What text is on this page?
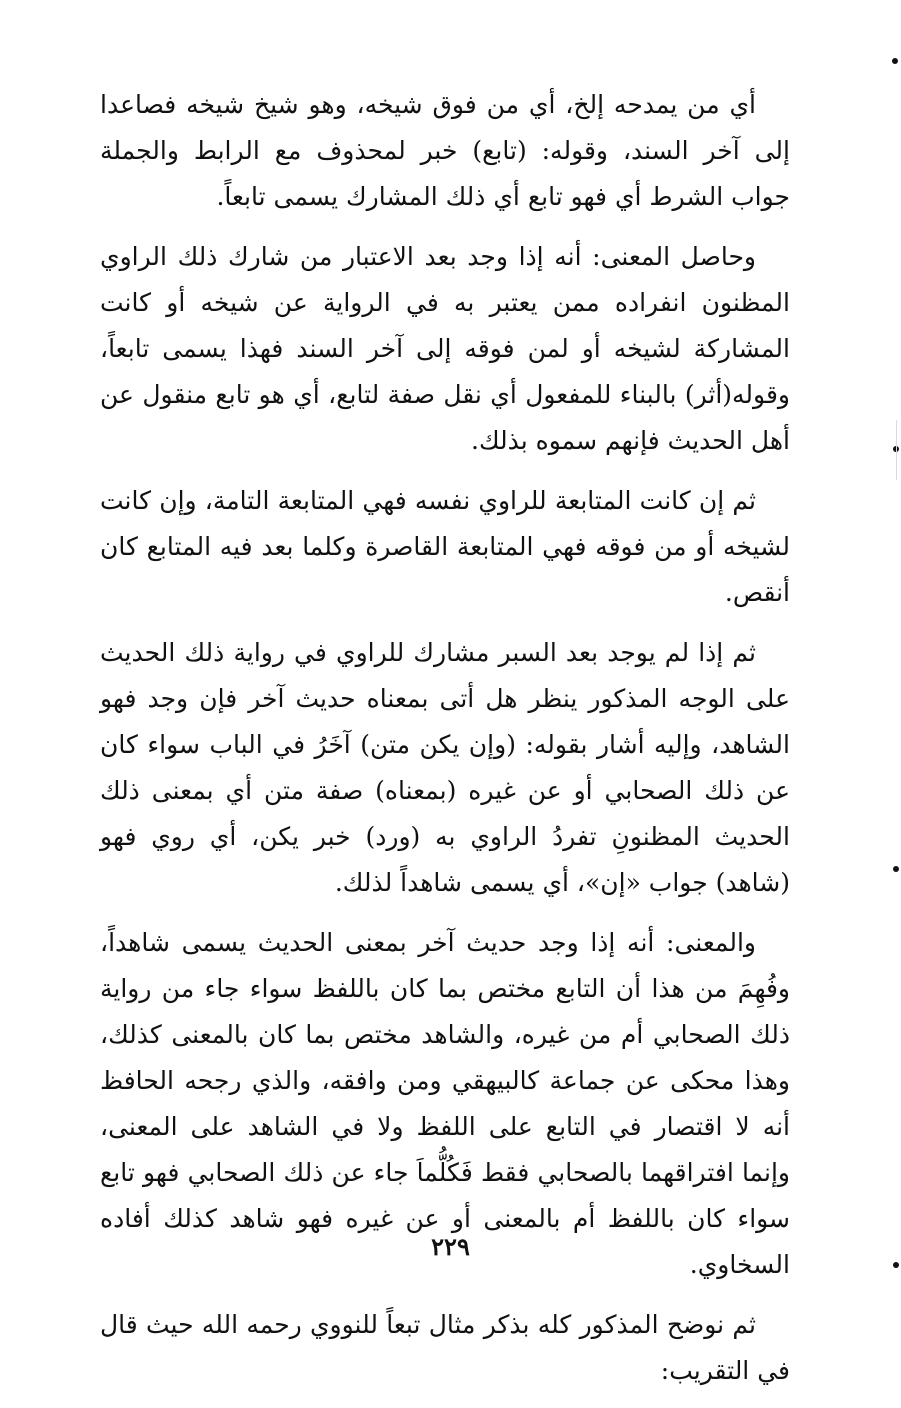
أي من يمدحه إلخ، أي من فوق شيخه، وهو شيخ شيخه فصاعدا إلى آخر السند، وقوله: (تابع) خبر لمحذوف مع الرابط والجملة جواب الشرط أي فهو تابع أي ذلك المشارك يسمى تابعاً.

وحاصل المعنى: أنه إذا وجد بعد الاعتبار من شارك ذلك الراوي المظنون انفراده ممن يعتبر به في الرواية عن شيخه أو كانت المشاركة لشيخه أو لمن فوقه إلى آخر السند فهذا يسمى تابعاً، وقوله(أثر) بالبناء للمفعول أي نقل صفة لتابع، أي هو تابع منقول عن أهل الحديث فإنهم سموه بذلك.

ثم إن كانت المتابعة للراوي نفسه فهي المتابعة التامة، وإن كانت لشيخه أو من فوقه فهي المتابعة القاصرة وكلما بعد فيه المتابع كان أنقص.

ثم إذا لم يوجد بعد السبر مشارك للراوي في رواية ذلك الحديث على الوجه المذكور ينظر هل أتى بمعناه حديث آخر فإن وجد فهو الشاهد، وإليه أشار بقوله: (وإن يكن متن) آخَرُ في الباب سواء كان عن ذلك الصحابي أو عن غيره (بمعناه) صفة متن أي بمعنى ذلك الحديث المظنونِ تفردُ الراوي به (ورد) خبر يكن، أي روي فهو (شاهد) جواب «إن»، أي يسمى شاهداً لذلك.

والمعنى: أنه إذا وجد حديث آخر بمعنى الحديث يسمى شاهداً، وفُهِمَ من هذا أن التابع مختص بما كان باللفظ سواء جاء من رواية ذلك الصحابي أم من غيره، والشاهد مختص بما كان بالمعنى كذلك، وهذا محكى عن جماعة كالبيهقي ومن وافقه، والذي رجحه الحافظ أنه لا اقتصار في التابع على اللفظ ولا في الشاهد على المعنى، وإنما افتراقهما بالصحابي فقط فَكُلُّماَ جاء عن ذلك الصحابي فهو تابع سواء كان باللفظ أم بالمعنى أو عن غيره فهو شاهد كذلك أفاده السخاوي.

ثم نوضح المذكور كله بذكر مثال تبعاً للنووي رحمه الله حيث قال في التقريب:

٢٢٩
